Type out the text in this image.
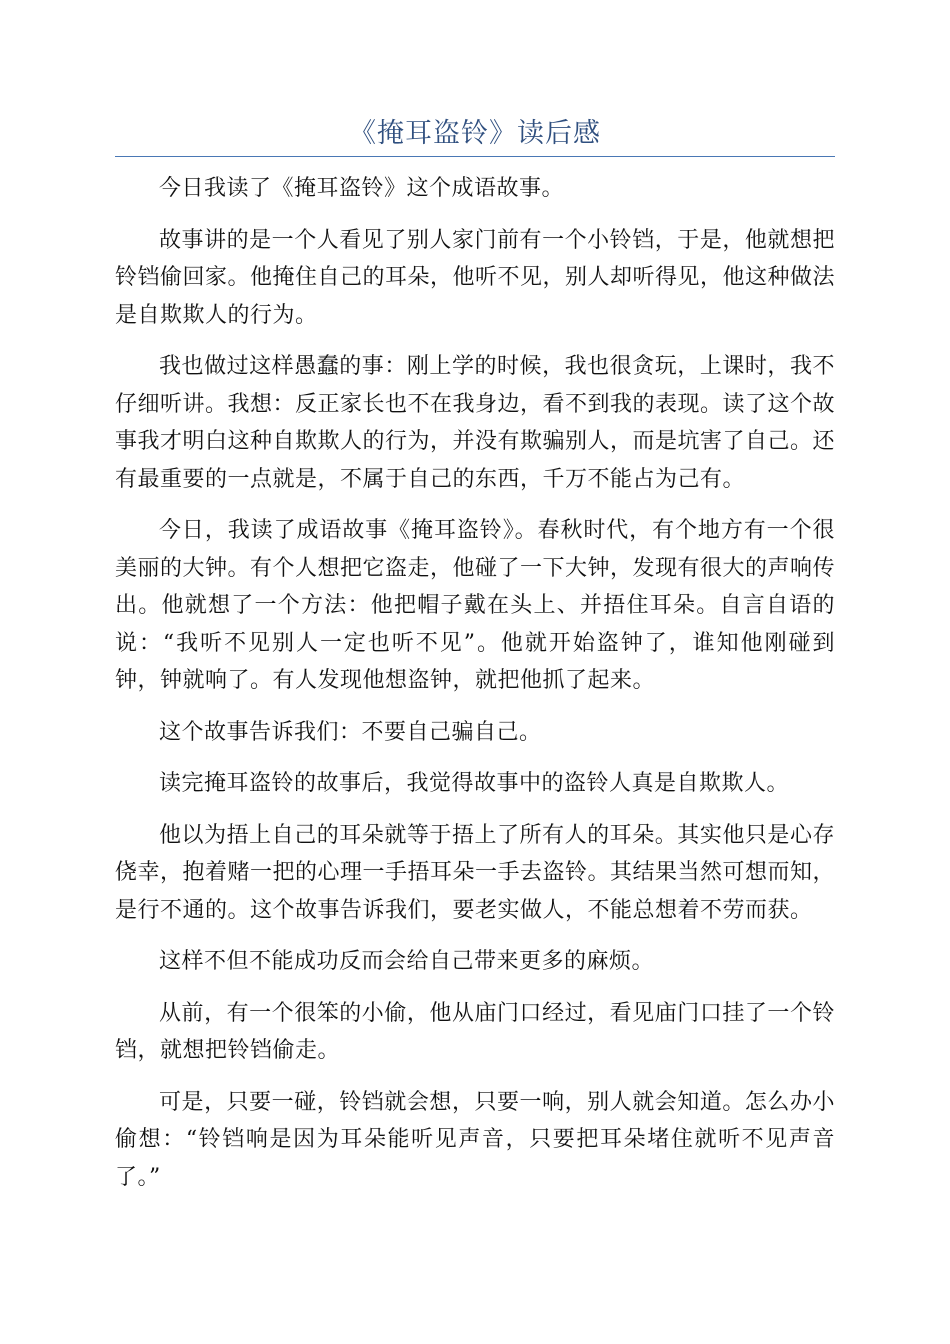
《掩耳盗铃》读后感

今日我读了《掩耳盗铃》这个成语故事。

故事讲的是一个人看见了别人家门前有一个小铃铛，于是，他就想把铃铛偷回家。他掩住自己的耳朵，他听不见，别人却听得见，他这种做法是自欺欺人的行为。

我也做过这样愚蠢的事：刚上学的时候，我也很贪玩，上课时，我不仔细听讲。我想：反正家长也不在我身边，看不到我的表现。读了这个故事我才明白这种自欺欺人的行为，并没有欺骗别人，而是坑害了自己。还有最重要的一点就是，不属于自己的东西，千万不能占为己有。

今日，我读了成语故事《掩耳盗铃》。春秋时代，有个地方有一个很美丽的大钟。有个人想把它盗走，他碰了一下大钟，发现有很大的声响传出。他就想了一个方法：他把帽子戴在头上、并捂住耳朵。自言自语的说：“我听不见别人一定也听不见”。他就开始盗钟了，谁知他刚碰到钟，钟就响了。有人发现他想盗钟，就把他抓了起来。

这个故事告诉我们：不要自己骗自己。

读完掩耳盗铃的故事后，我觉得故事中的盗铃人真是自欺欺人。

他以为捂上自己的耳朵就等于捂上了所有人的耳朵。其实他只是心存侥幸，抱着赌一把的心理一手捂耳朵一手去盗铃。其结果当然可想而知，是行不通的。这个故事告诉我们，要老实做人，不能总想着不劳而获。

这样不但不能成功反而会给自己带来更多的麻烦。

从前，有一个很笨的小偷，他从庙门口经过，看见庙门口挂了一个铃铛，就想把铃铛偷走。

可是，只要一碰，铃铛就会想，只要一响，别人就会知道。怎么办小偷想：“铃铛响是因为耳朵能听见声音，只要把耳朵堵住就听不见声音了。”
